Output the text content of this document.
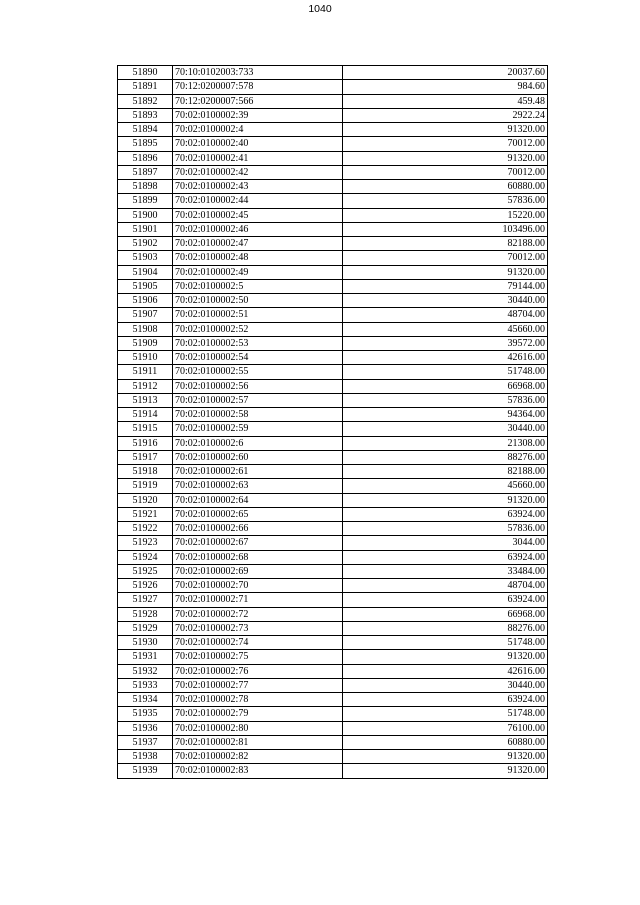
1040
51890	70:10:0102003:733	20037.60
51891	70:12:0200007:578	984.60
51892	70:12:0200007:566	459.48
51893	70:02:0100002:39	2922.24
51894	70:02:0100002:4	91320.00
51895	70:02:0100002:40	70012.00
51896	70:02:0100002:41	91320.00
51897	70:02:0100002:42	70012.00
51898	70:02:0100002:43	60880.00
51899	70:02:0100002:44	57836.00
51900	70:02:0100002:45	15220.00
51901	70:02:0100002:46	103496.00
51902	70:02:0100002:47	82188.00
51903	70:02:0100002:48	70012.00
51904	70:02:0100002:49	91320.00
51905	70:02:0100002:5	79144.00
51906	70:02:0100002:50	30440.00
51907	70:02:0100002:51	48704.00
51908	70:02:0100002:52	45660.00
51909	70:02:0100002:53	39572.00
51910	70:02:0100002:54	42616.00
51911	70:02:0100002:55	51748.00
51912	70:02:0100002:56	66968.00
51913	70:02:0100002:57	57836.00
51914	70:02:0100002:58	94364.00
51915	70:02:0100002:59	30440.00
51916	70:02:0100002:6	21308.00
51917	70:02:0100002:60	88276.00
51918	70:02:0100002:61	82188.00
51919	70:02:0100002:63	45660.00
51920	70:02:0100002:64	91320.00
51921	70:02:0100002:65	63924.00
51922	70:02:0100002:66	57836.00
51923	70:02:0100002:67	3044.00
51924	70:02:0100002:68	63924.00
51925	70:02:0100002:69	33484.00
51926	70:02:0100002:70	48704.00
51927	70:02:0100002:71	63924.00
51928	70:02:0100002:72	66968.00
51929	70:02:0100002:73	88276.00
51930	70:02:0100002:74	51748.00
51931	70:02:0100002:75	91320.00
51932	70:02:0100002:76	42616.00
51933	70:02:0100002:77	30440.00
51934	70:02:0100002:78	63924.00
51935	70:02:0100002:79	51748.00
51936	70:02:0100002:80	76100.00
51937	70:02:0100002:81	60880.00
51938	70:02:0100002:82	91320.00
51939	70:02:0100002:83	91320.00
